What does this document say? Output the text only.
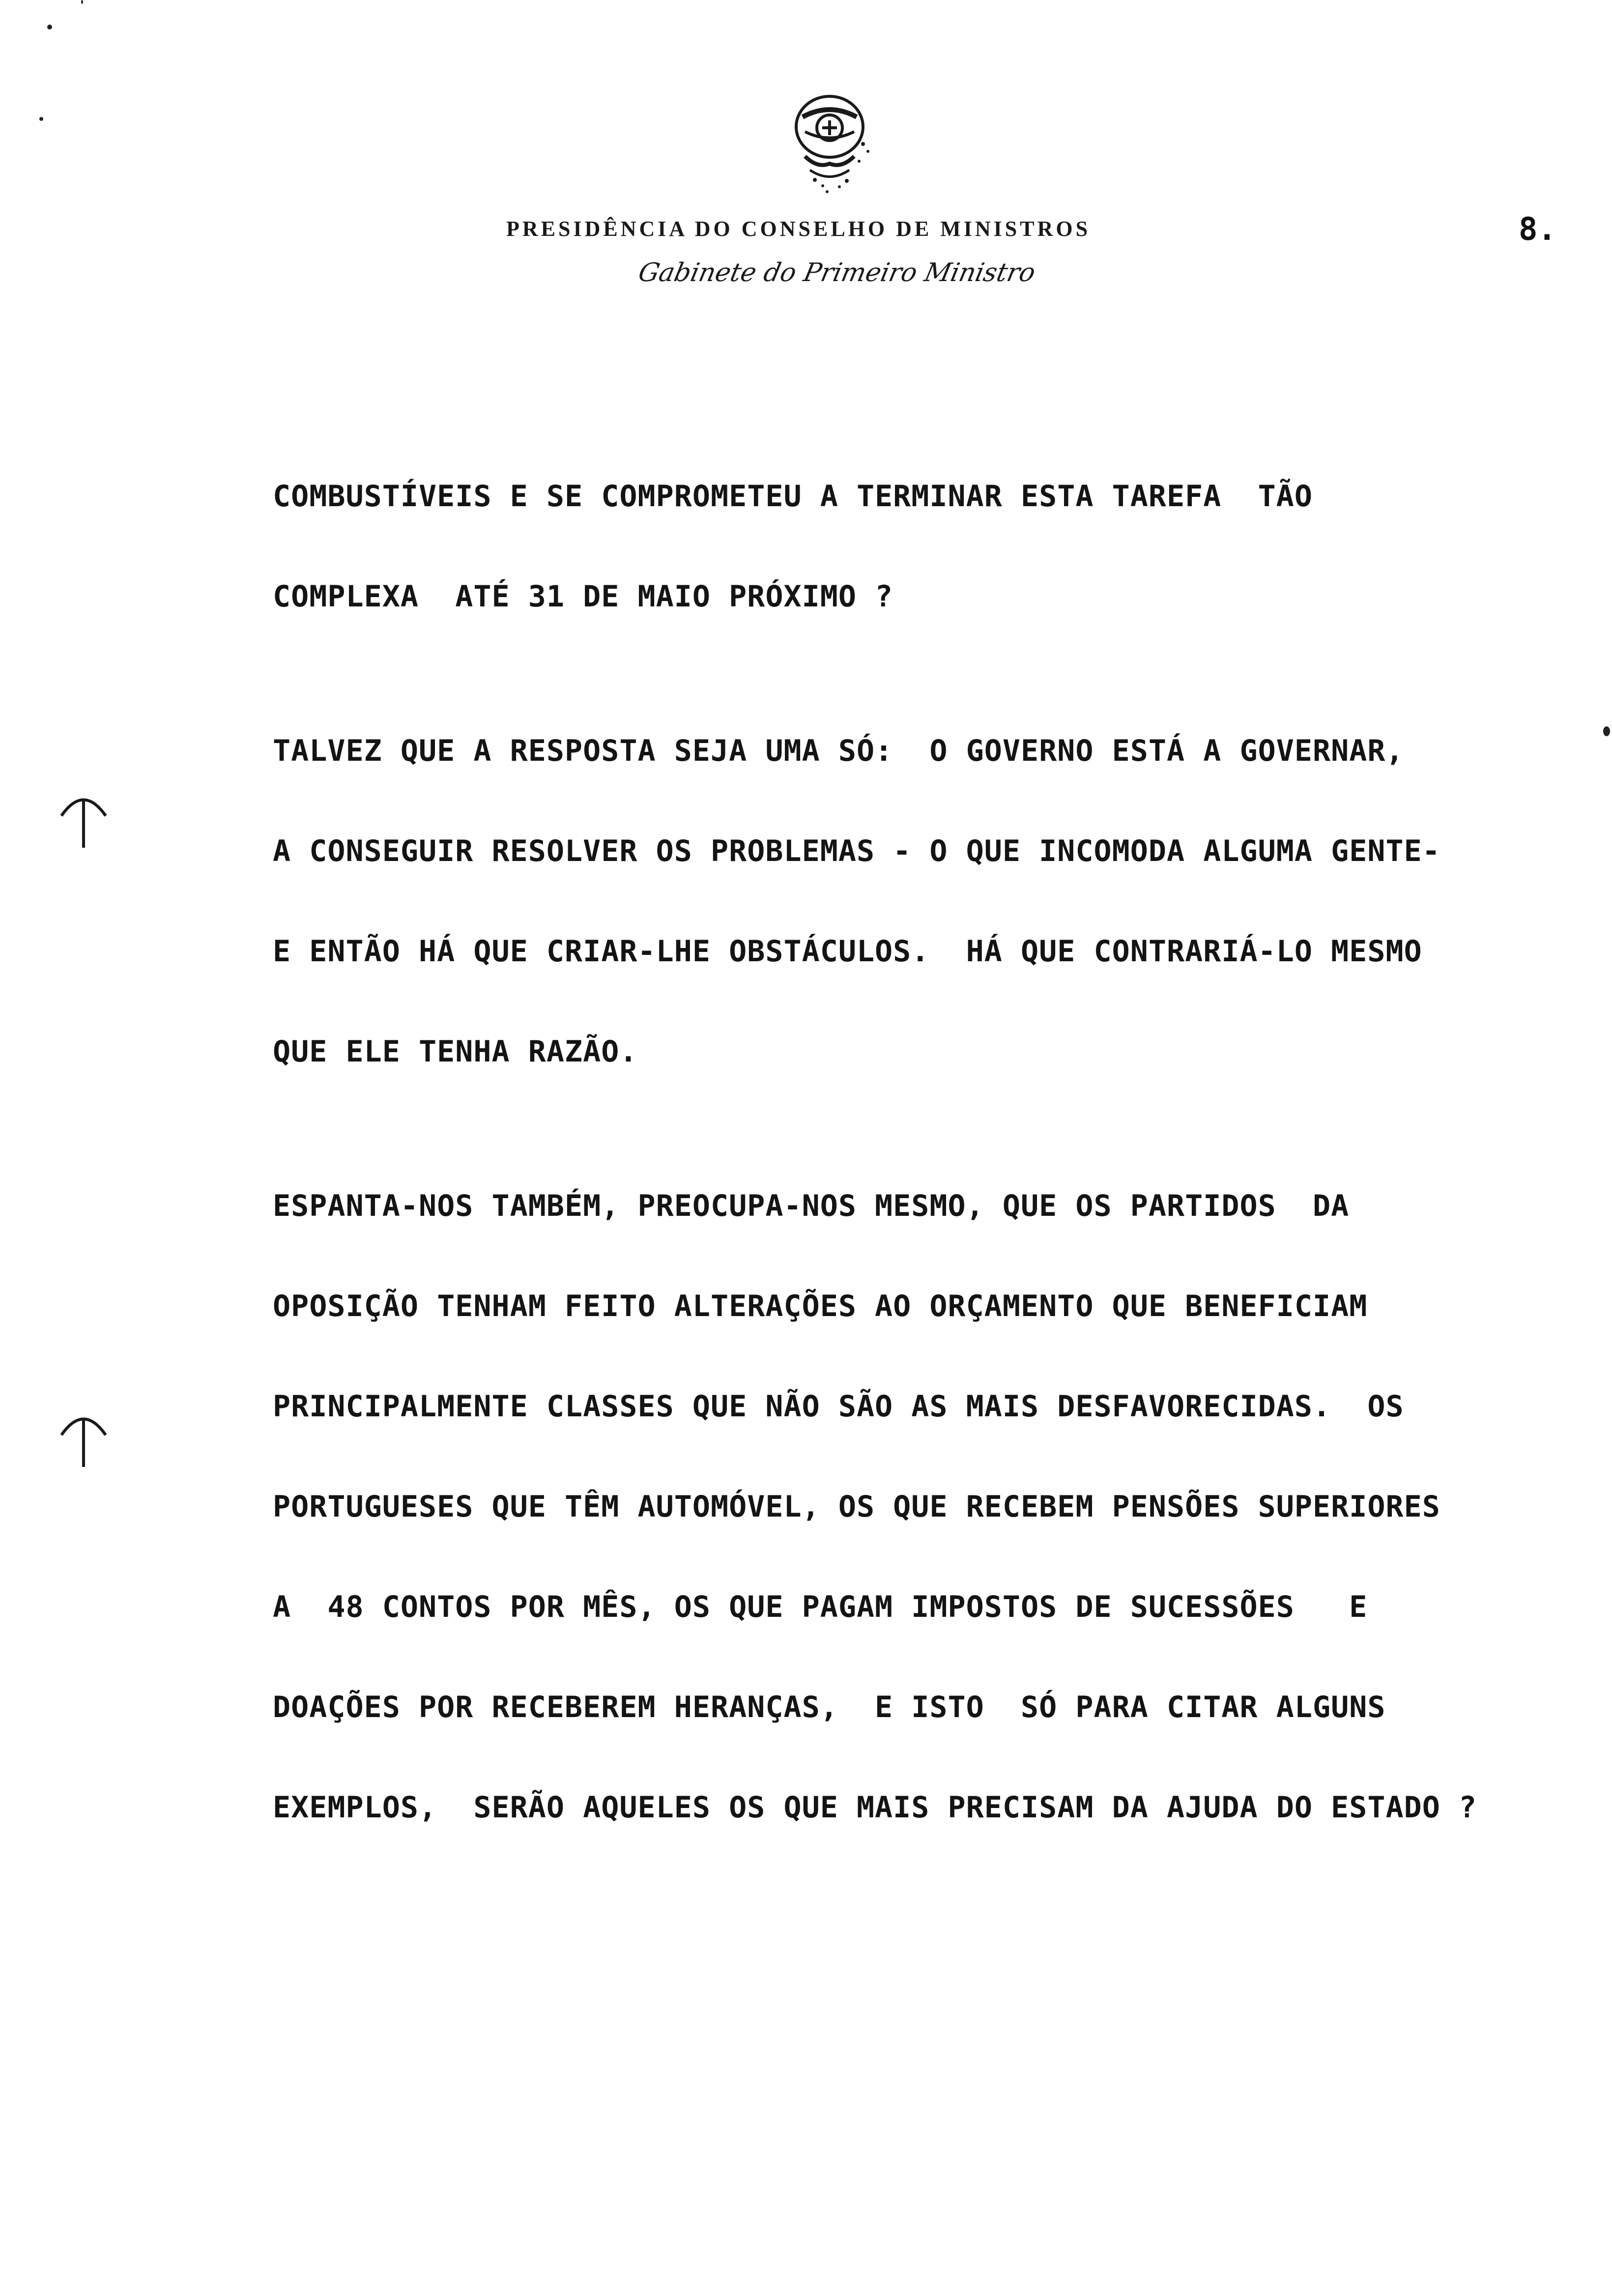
PRESIDÊNCIA DO CONSELHO DE MINISTROS
Gabinete do Primeiro Ministro
8.
COMBUSTÍVEIS E SE COMPROMETEU A TERMINAR ESTA TAREFA  TÃO
COMPLEXA  ATÉ 31 DE MAIO PRÓXIMO ?
TALVEZ QUE A RESPOSTA SEJA UMA SÓ:  O GOVERNO ESTÁ A GOVERNAR,
A CONSEGUIR RESOLVER OS PROBLEMAS - O QUE INCOMODA ALGUMA GENTE-
E ENTÃO HÁ QUE CRIAR-LHE OBSTÁCULOS.  HÁ QUE CONTRARIÁ-LO MESMO
QUE ELE TENHA RAZÃO.
ESPANTA-NOS TAMBÉM, PREOCUPA-NOS MESMO, QUE OS PARTIDOS  DA
OPOSIÇÃO TENHAM FEITO ALTERAÇÕES AO ORÇAMENTO QUE BENEFICIAM
PRINCIPALMENTE CLASSES QUE NÃO SÃO AS MAIS DESFAVORECIDAS.  OS
PORTUGUESES QUE TÊM AUTOMÓVEL, OS QUE RECEBEM PENSÕES SUPERIORES
A  48 CONTOS POR MÊS, OS QUE PAGAM IMPOSTOS DE SUCESSÕES   E
DOAÇÕES POR RECEBEREM HERANÇAS,  E ISTO  SÓ PARA CITAR ALGUNS
EXEMPLOS,  SERÃO AQUELES OS QUE MAIS PRECISAM DA AJUDA DO ESTADO ?
